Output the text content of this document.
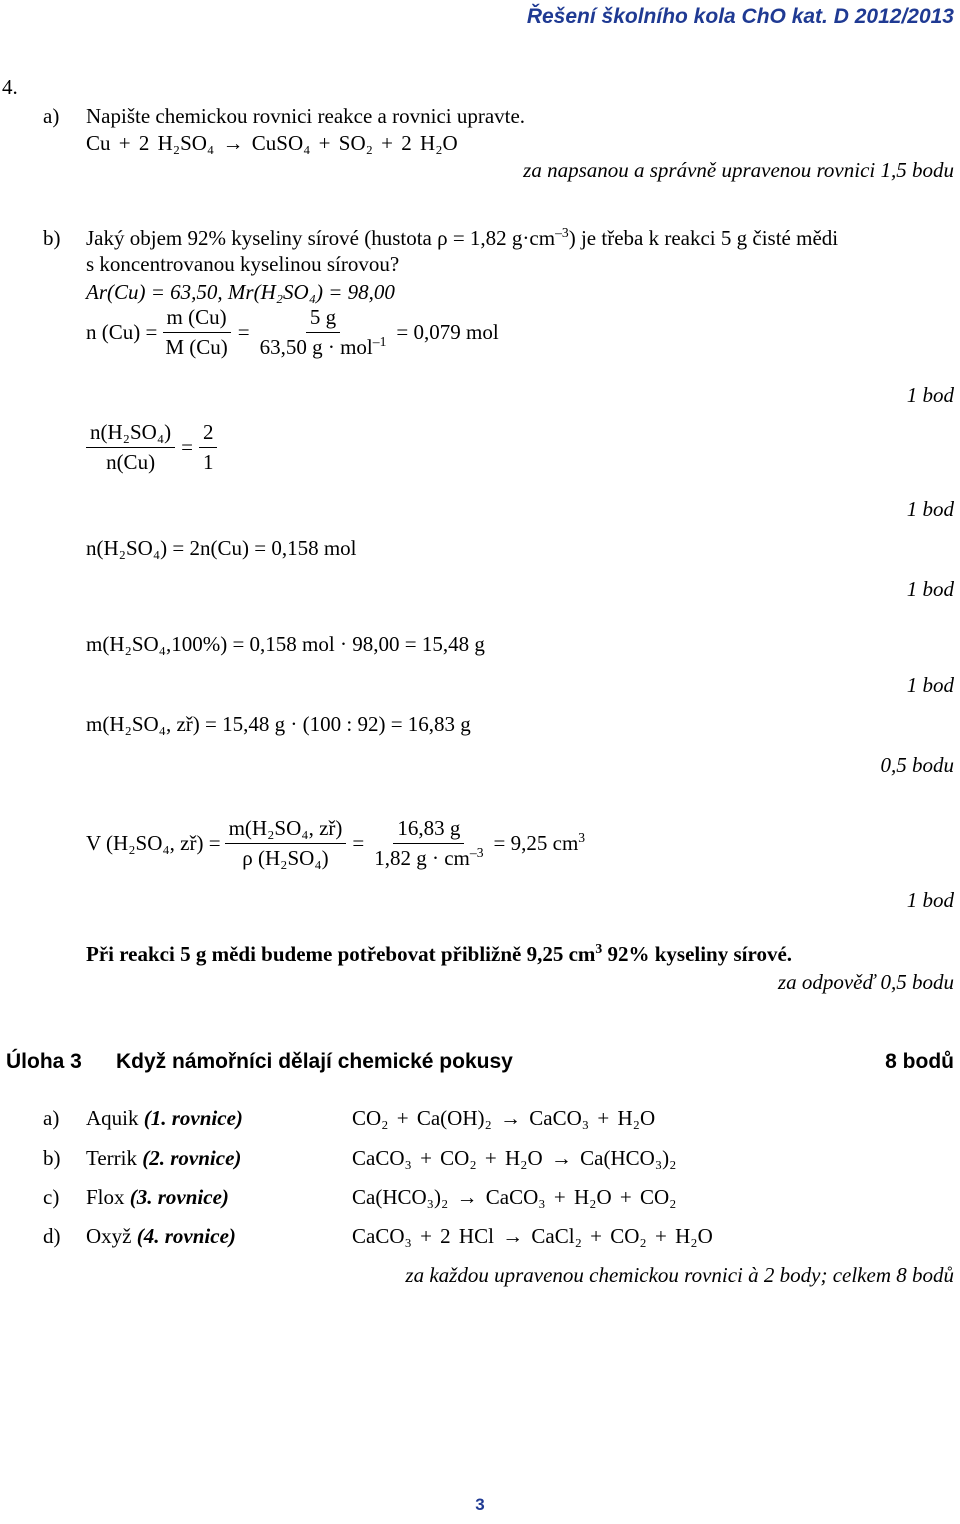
Řešení školního kola ChO kat. D 2012/2013
4.
a) Napište chemickou rovnici reakce a rovnici upravte.
Cu + 2 H₂SO₄ → CuSO₄ + SO₂ + 2 H₂O
za napsanou a správně upravenou rovnici 1,5 bodu
b) Jaký objem 92% kyseliny sírové (hustota ρ = 1,82 $g\cdot cm^{-3}$) je třeba k reakci 5 g čisté mědi
s koncentrovanou kyselinou sírovou?
Ar(Cu) = 63,50, Mr(H₂SO₄) = 98,00
n $(Cu) = \frac{m (Cu)}{M (Cu)} = \frac{5 g}{63,50 g \cdot mol^{-1}} = 0,079$ mol
1 bod
$\frac{\text{n(H₂SO₄)}}{n(Cu)} = \frac{2}{1}$
1 bod
n(H₂SO₄) = 2n(Cu) = 0,158 mol
1 bod
m(H₂SO₄,100%) = 0,158 mol · 98,00 = 15,48 g
1 bod
m(H₂SO₄, zř) = 15,48 g · (100 : 92) = 16,83 g
0,5 bodu
V (H₂SO₄, zř) = $\frac{\text{m(H₂SO₄, zř)}}{\text{ρ (H₂SO₄)}} = \frac{16,83 g}{1,82 g \cdot cm^{-3}} = 9,25$ $cm^3$
1 bod
Při reakci 5 g mědi budeme potřebovat přibližně 9,25 $cm^3$ 92% kyseliny sírové.
za odpověď 0,5 bodu
Úloha 3 Když námořníci dělají chemické pokusy	8 bodů
a) Aquik (1. rovnice)	CO₂ + Ca(OH)₂ → CaCO₃ + H₂O
b) Terrik (2. rovnice)	CaCO₃ + CO₂ + H₂O → Ca(HCO₃)₂
c) Flox (3. rovnice)	Ca(HCO₃)₂ → CaCO₃ + H₂O + CO₂
d) Oxyž (4. rovnice)	CaCO₃ + 2 HCl → CaCl₂ + CO₂ + H₂O
za každou upravenou chemickou rovnici à 2 body; celkem 8 bodů
3
